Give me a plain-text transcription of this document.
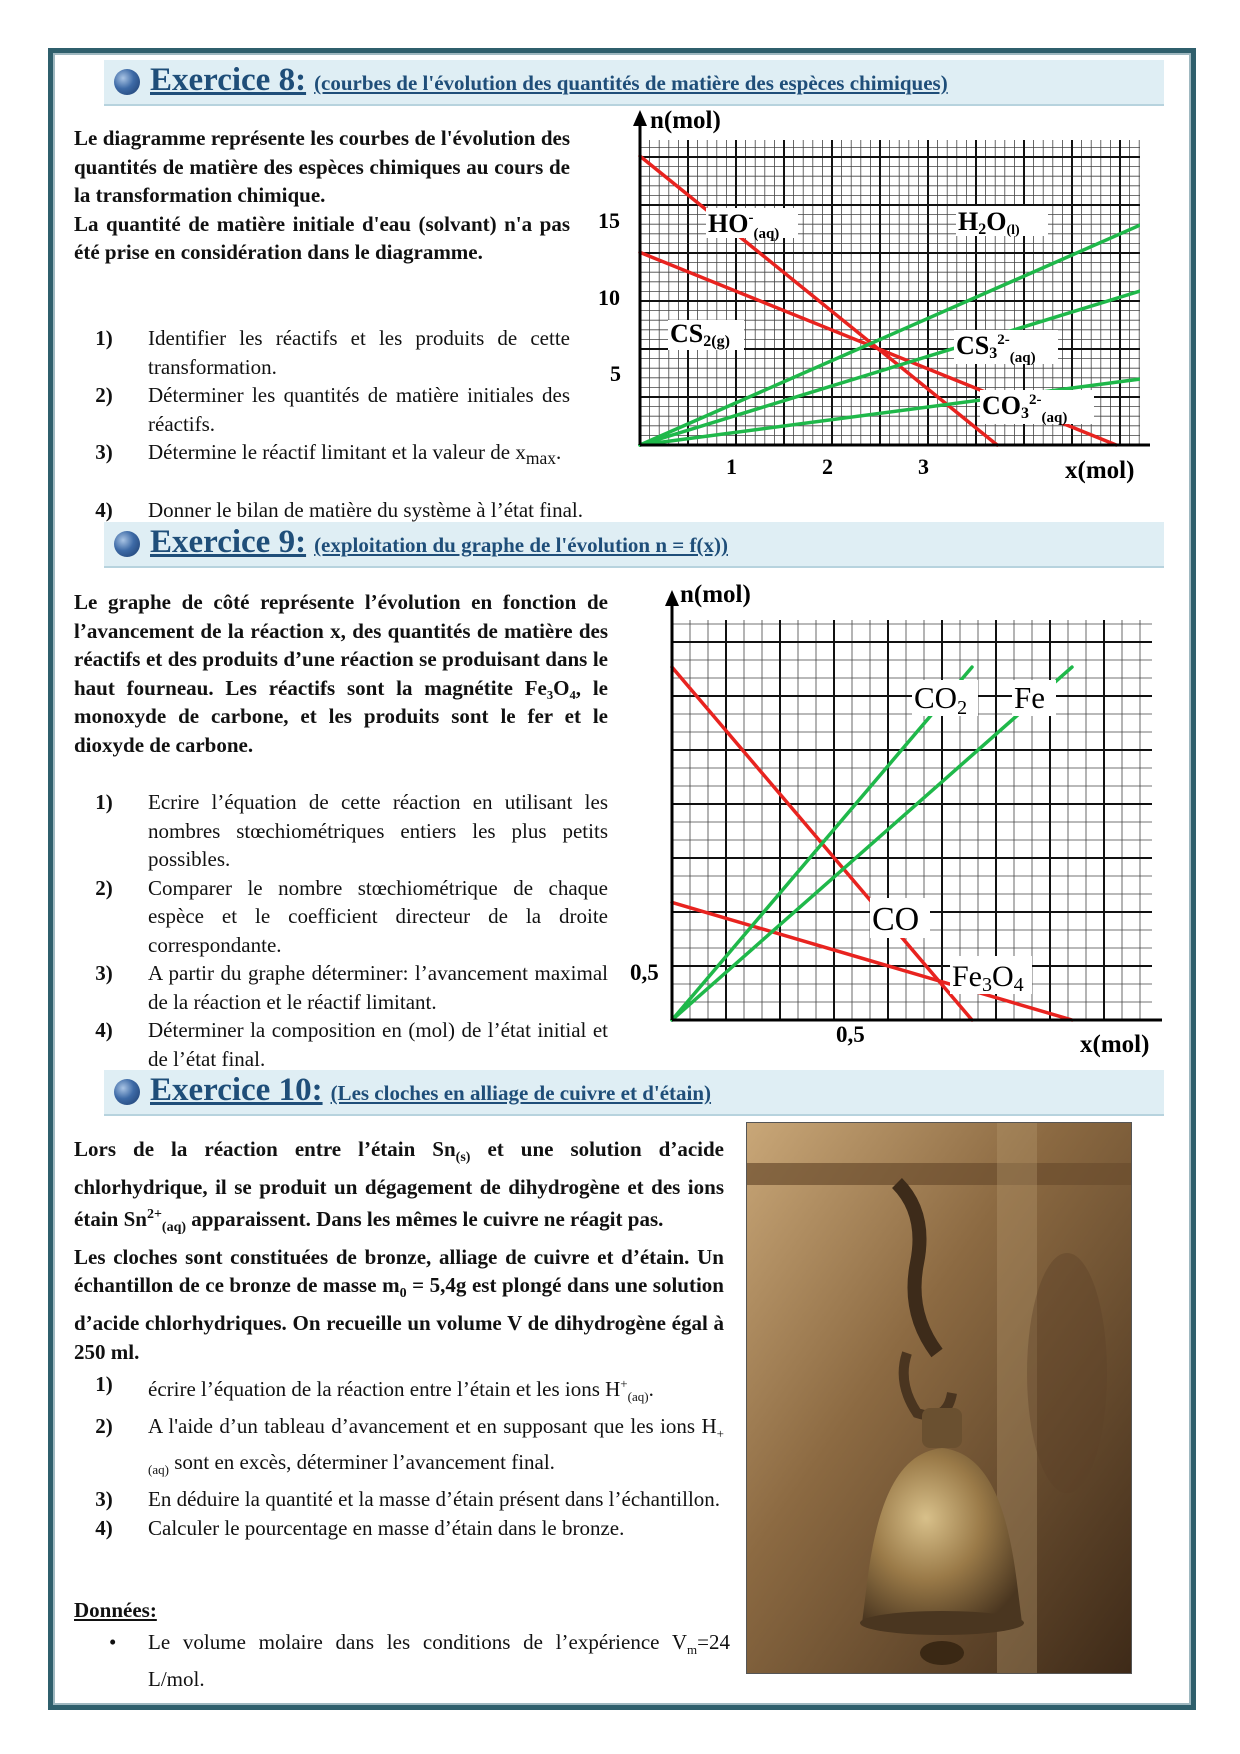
Exercice 8: (courbes de l'évolution des quantités de matière des espèces chimiques)
Le diagramme représente les courbes de l'évolution des quantités de matière des espèces chimiques au cours de la transformation chimique.
La quantité de matière initiale d'eau (solvant) n'a pas été prise en considération dans le diagramme.
1 )	Identifier les réactifs et les produits de cette transformation.
2 )	Déterminer les quantités de matière initiales des réactifs.
3 )	Détermine le réactif limitant et la valeur de $x_{max}$.
4 )	Donner le bilan de matière du système à l’état final.
n(mol)
x(mol)
1	2	3
5
10
15	$HO^-_{(aq)}$	H2O(l)
CS2(g)	$CS3^{2-}_{(aq)}$
$CO3^{2-}_{(aq)}$
Exercice 9: (exploitation du graphe de l'évolution n = f(x))
Le graphe de côté représente l’évolution en fonction de l’avancement de la réaction x, des quantités de matière des réactifs et des produits d’une réaction se produisant dans le haut fourneau. Les réactifs sont la magnétite Fe₃O₄, le monoxyde de carbone, et les produits sont le fer et le dioxyde de carbone.
1 )	Ecrire l’équation de cette réaction en utilisant les nombres stœchiométriques entiers les plus petits possibles.
2 )	Comparer le nombre stœchiométrique de chaque espèce et le coefficient directeur de la droite correspondante.
3 )	A partir du graphe déterminer: l’avancement maximal de la réaction et le réactif limitant.
4 )	Déterminer la composition en (mol) de l’état initial et de l’état final.
n(mol)
x(mol)
0,5
0,5
CO2 Fe
CO
Fe3O4
Exercice 10: (Les cloches en alliage de cuivre et d'étain)
Lors de la réaction entre l’étain $Sn_{(s)}$ et une solution d’acide chlorhydrique, il se produit un dégagement de dihydrogène et des ions étain $Sn^{2+}_{(aq)}$ apparaissent. Dans les mêmes le cuivre ne réagit pas.
Les cloches sont constituées de bronze, alliage de cuivre et d’étain. Un échantillon de ce bronze de masse $m_0 = 5,4g$ est plongé dans une solution d’acide chlorhydriques. On recueille un volume V de dihydrogène égal à 250 ml.
1 )	écrire l’équation de la réaction entre l’étain et les ions $H^+_{(aq)}$.
2 )	A l'aide d’un tableau d’avancement et en supposant que les ions $H_{+(aq)}$ sont en excès, déterminer l’avancement final.
3 )	En déduire la quantité et la masse d’étain présent dans l’échantillon.
4 )	Calculer le pourcentage en masse d’étain dans le bronze.
Données:
• Le volume molaire dans les conditions de l’expérience $V_m=24$ L/mol.
